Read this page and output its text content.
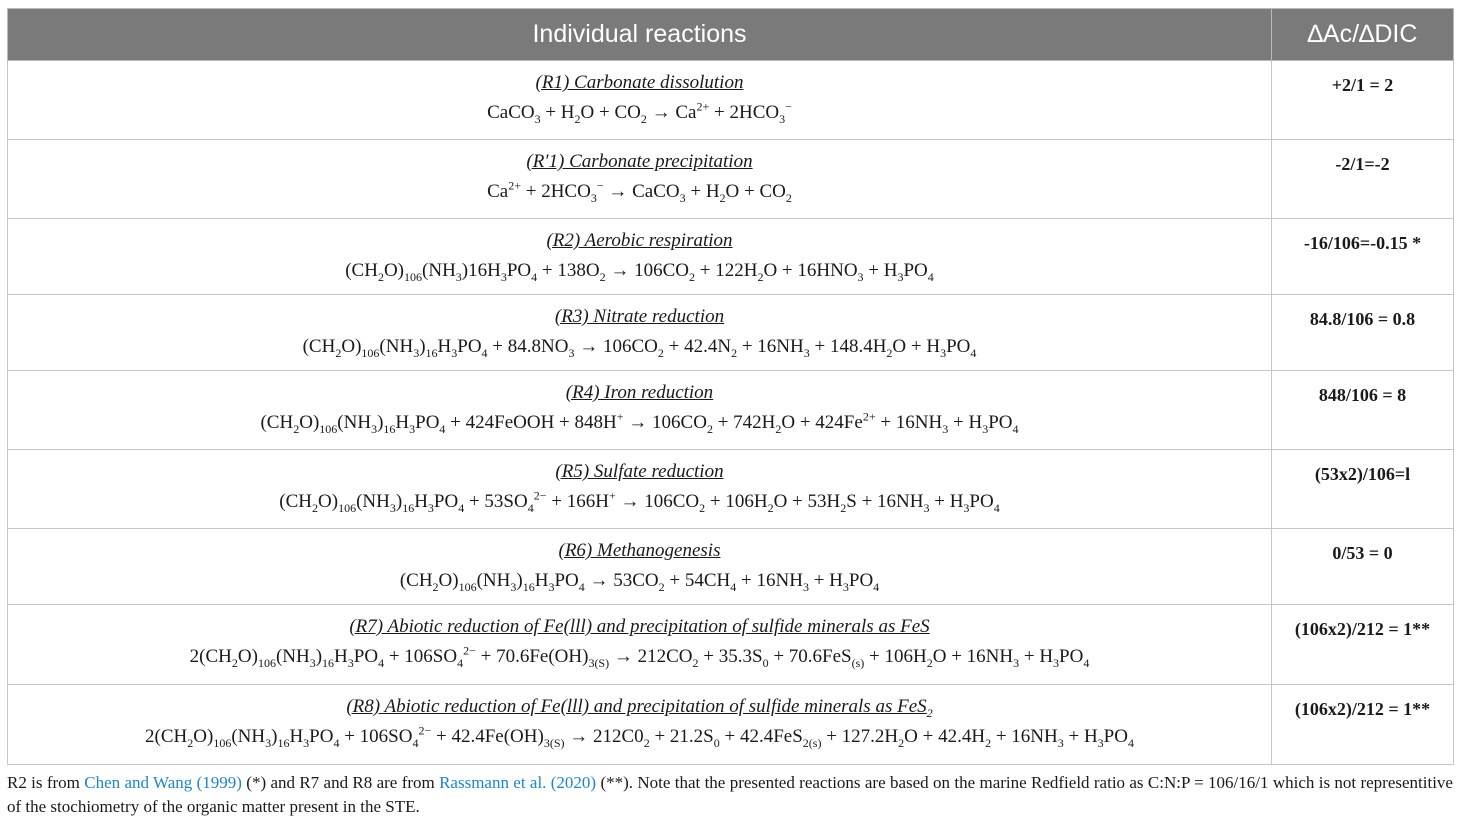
Individual reactions	∆Ac/∆DIC

(R1) Carbonate dissolution
CaCO$_3$ + $H_2O + CO_2 \to Ca^{2+} + 2HCO_3^-$	+2/1 = 2

(R′1) Carbonate precipitation
$Ca^{2+} + 2HCO_3^-$ → CaCO$_3$ + $H_2O + CO_2$	-2/1=-2

(R2) Aerobic respiration
$(CH_2O)_{106}(NH_3)16H_3PO_4 + 138O_2 \to 106CO_2 + 122H_2O + 16HNO_3 + H_3PO_4$	-16/106=-0.15 *

(R3) Nitrate reduction
$(CH_2O)_{106}(NH_3)_{16}H_3PO_4 + 84.8NO_3 \to 106CO_2 + 42.4N_2 + 16NH_3 + 148.4H_2O + H_3PO_4$	84.8/106 = 0.8

(R4) Iron reduction
$(CH_2O)_{106}(NH_3)_{16}H_3PO_4$ + 424FeOOH + $848H^+ \to 106CO_2 + 742H_2O + 424Fe^{2+} + 16NH_3 + H_3PO_4$	848/106 = 8

(R5) Sulfate reduction
$(CH_2O)_{106}(NH_3)_{16}H_3PO_4 + 53SO_4^{2-} + 166H^+ \to 106CO_2 + 106H_2O + 53H_2S + 16NH_3 + H_3PO_4$	(53x2)/106=l

(R6) Methanogenesis
$(CH_2O)_{106}(NH_3)_{16}H_3PO_4 \to 53CO_2 + 54CH_4 + 16NH_3 + H_3PO_4$	0/53 = 0

(R7) Abiotic reduction of Fe(lll) and precipitation of sulfide minerals as FeS
$2(CH_2O)_{106}(NH_3)_{16}H_3PO_4 + 106SO_4^{2-} + 70.6Fe(OH)_{3(S)} \to 212CO_2 + 35.3S_0 + 70.6FeS_{(s)} + 106H_2O + 16NH_3 + H_3PO_4$	(106x2)/212 = 1**

(R8) Abiotic reduction of Fe(lll) and precipitation of sulfide minerals as FeS$_2$
$2(CH_2O)_{106}(NH_3)_{16}H_3PO_4 + 106SO_4^{2-} + 42.4Fe(OH)_{3(S)} \to 212C0_2 + 21.2S_0 + 42.4FeS_{2(s)} + 127.2H_2O + 42.4H_2 + 16NH_3 + H_3PO_4$	(106x2)/212 = 1**
R2 is from Chen and Wang (1999) (*) and R7 and R8 are from Rassmann et al. (2020) (**). Note that the presented reactions are based on the marine Redfield ratio as C:N:P = 106/16/1 which is not representitive of the stochiometry of the organic matter present in the STE.
